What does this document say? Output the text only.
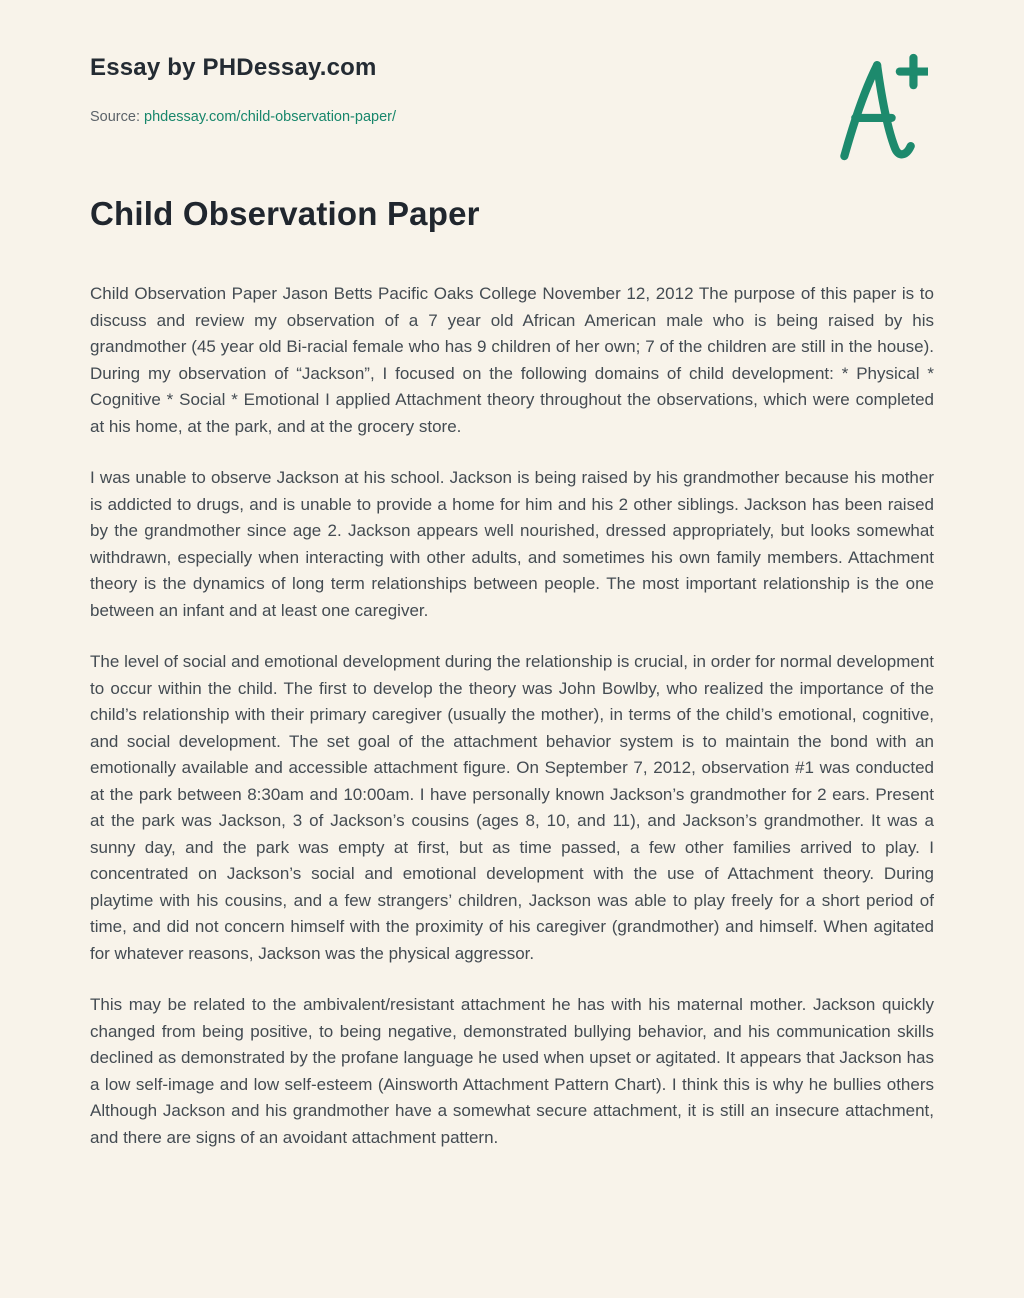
Essay by PHDessay.com
Source: phdessay.com/child-observation-paper/
Child Observation Paper

Child Observation Paper Jason Betts Pacific Oaks College November 12, 2012 The purpose of this paper is to discuss and review my observation of a 7 year old African American male who is being raised by his grandmother (45 year old Bi-racial female who has 9 children of her own; 7 of the children are still in the house). During my observation of “Jackson”, I focused on the following domains of child development: * Physical * Cognitive * Social * Emotional I applied Attachment theory throughout the observations, which were completed at his home, at the park, and at the grocery store.

I was unable to observe Jackson at his school. Jackson is being raised by his grandmother because his mother is addicted to drugs, and is unable to provide a home for him and his 2 other siblings. Jackson has been raised by the grandmother since age 2. Jackson appears well nourished, dressed appropriately, but looks somewhat withdrawn, especially when interacting with other adults, and sometimes his own family members. Attachment theory is the dynamics of long term relationships between people. The most important relationship is the one between an infant and at least one caregiver.

The level of social and emotional development during the relationship is crucial, in order for normal development to occur within the child. The first to develop the theory was John Bowlby, who realized the importance of the child’s relationship with their primary caregiver (usually the mother), in terms of the child’s emotional, cognitive, and social development. The set goal of the attachment behavior system is to maintain the bond with an emotionally available and accessible attachment figure. On September 7, 2012, observation #1 was conducted at the park between 8:30am and 10:00am. I have personally known Jackson’s grandmother for 2 ears. Present at the park was Jackson, 3 of Jackson’s cousins (ages 8, 10, and 11), and Jackson’s grandmother. It was a sunny day, and the park was empty at first, but as time passed, a few other families arrived to play. I concentrated on Jackson’s social and emotional development with the use of Attachment theory. During playtime with his cousins, and a few strangers’ children, Jackson was able to play freely for a short period of time, and did not concern himself with the proximity of his caregiver (grandmother) and himself. When agitated for whatever reasons, Jackson was the physical aggressor.

This may be related to the ambivalent/resistant attachment he has with his maternal mother. Jackson quickly changed from being positive, to being negative, demonstrated bullying behavior, and his communication skills declined as demonstrated by the profane language he used when upset or agitated. It appears that Jackson has a low self-image and low self-esteem (Ainsworth Attachment Pattern Chart). I think this is why he bullies others Although Jackson and his grandmother have a somewhat secure attachment, it is still an insecure attachment, and there are signs of an avoidant attachment pattern.
